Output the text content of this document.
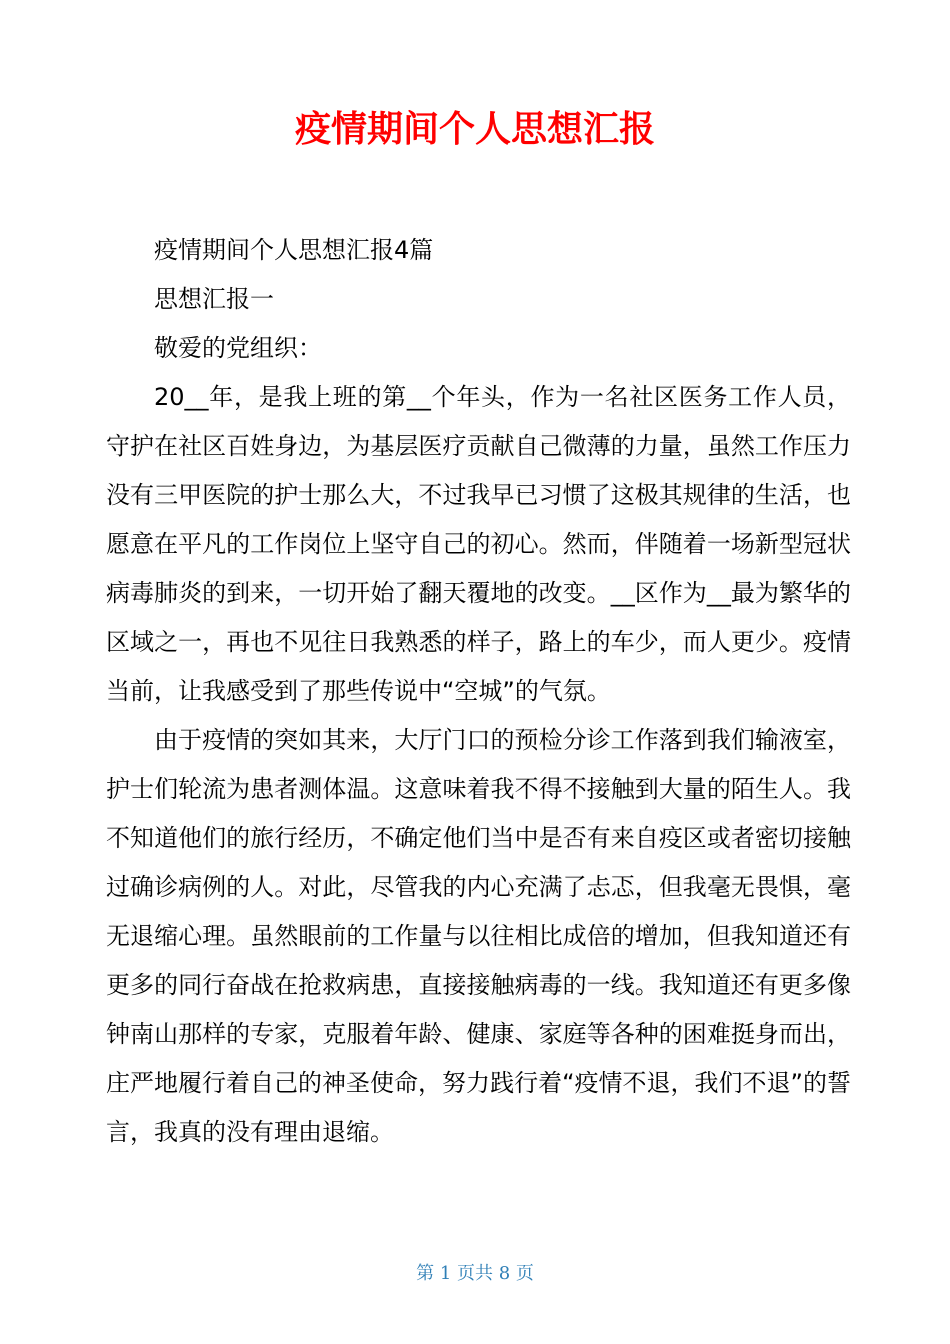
疫情期间个人思想汇报

疫情期间个人思想汇报4篇

思想汇报一

敬爱的党组织：

20__年，是我上班的第__个年头，作为一名社区医务工作人员，守护在社区百姓身边，为基层医疗贡献自己微薄的力量，虽然工作压力没有三甲医院的护士那么大，不过我早已习惯了这极其规律的生活，也愿意在平凡的工作岗位上坚守自己的初心。然而，伴随着一场新型冠状病毒肺炎的到来，一切开始了翻天覆地的改变。__区作为__最为繁华的区域之一，再也不见往日我熟悉的样子，路上的车少，而人更少。疫情当前，让我感受到了那些传说中“空城”的气氛。

由于疫情的突如其来，大厅门口的预检分诊工作落到我们输液室，护士们轮流为患者测体温。这意味着我不得不接触到大量的陌生人。我不知道他们的旅行经历，不确定他们当中是否有来自疫区或者密切接触过确诊病例的人。对此，尽管我的内心充满了忐忑，但我毫无畏惧，毫无退缩心理。虽然眼前的工作量与以往相比成倍的增加，但我知道还有更多的同行奋战在抢救病患，直接接触病毒的一线。我知道还有更多像钟南山那样的专家，克服着年龄、健康、家庭等各种的困难挺身而出，庄严地履行着自己的神圣使命，努力践行着“疫情不退，我们不退”的誓言，我真的没有理由退缩。

第 1 页共 8 页
